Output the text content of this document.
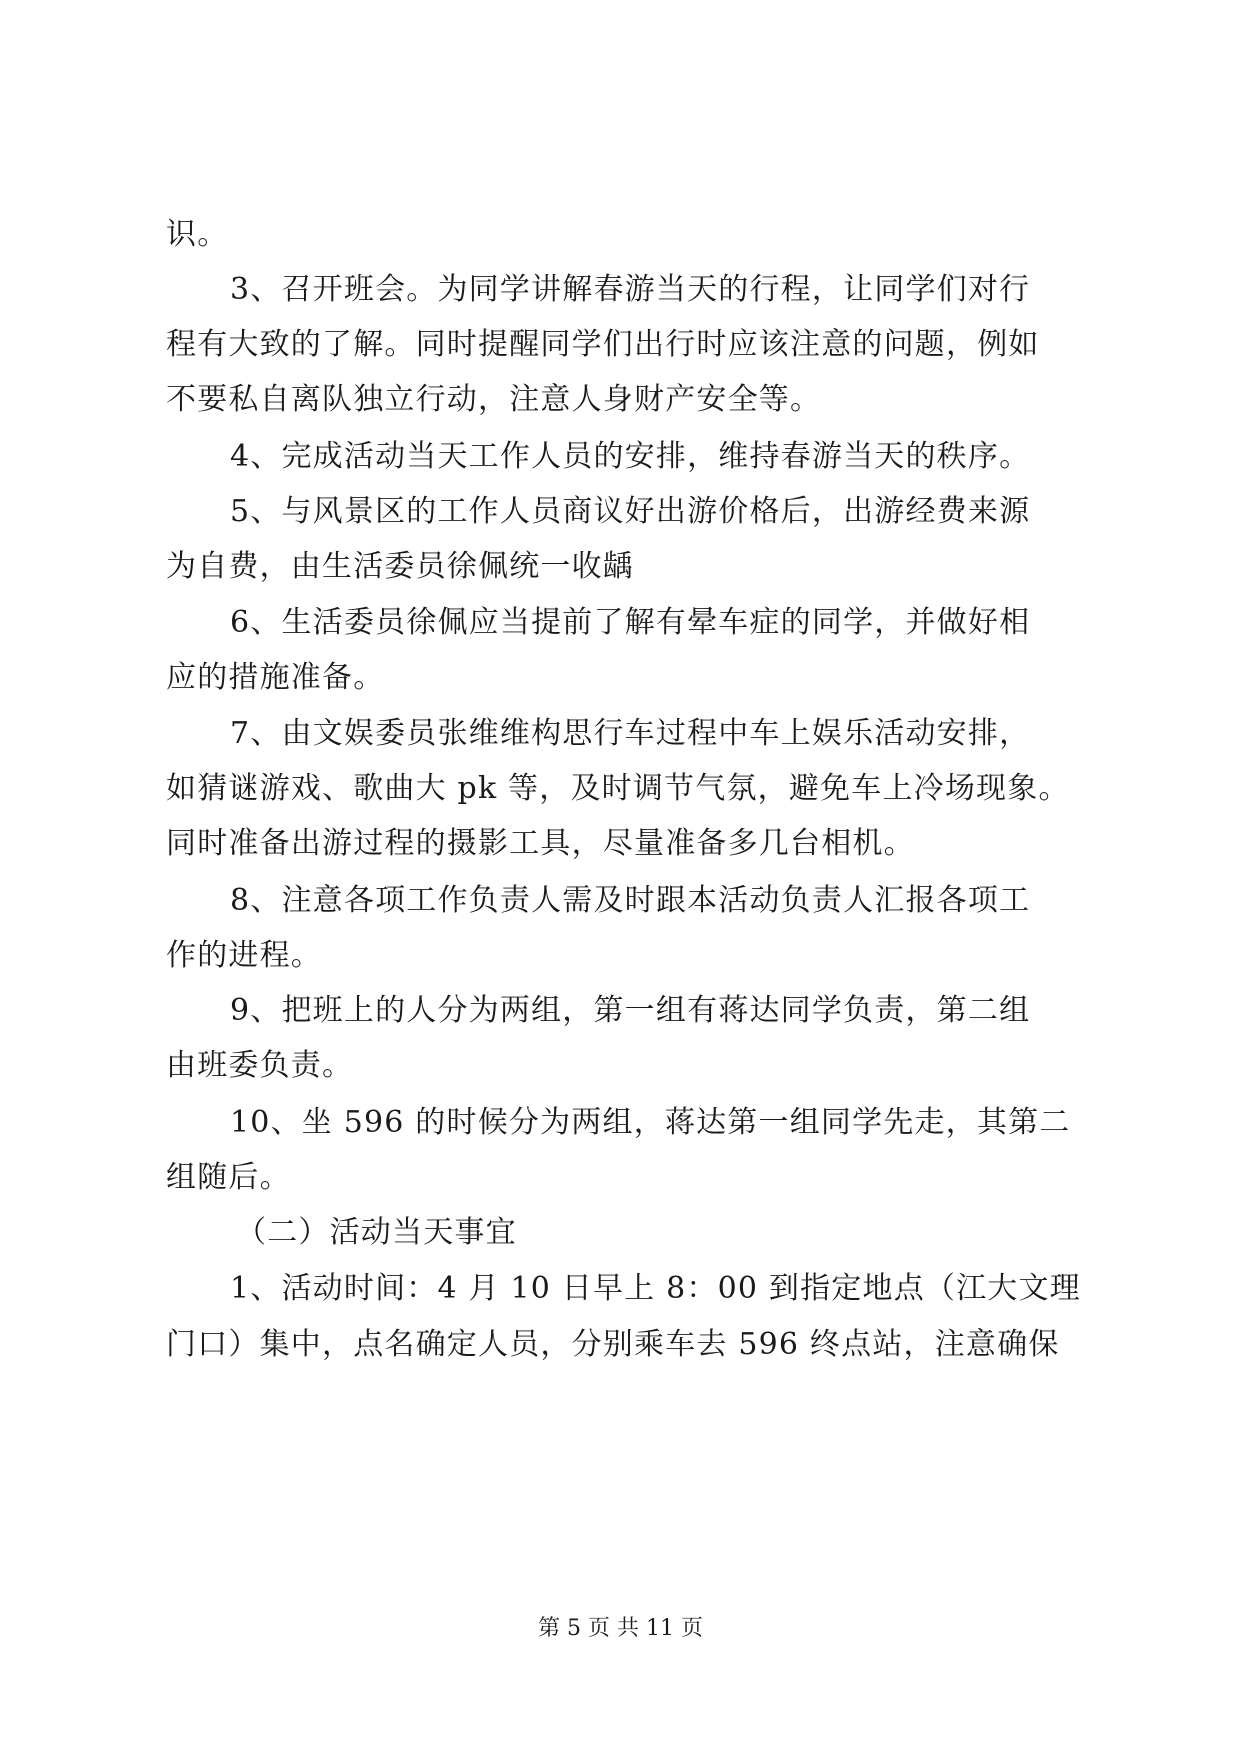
识。
3、召开班会。为同学讲解春游当天的行程，让同学们对行
程有大致的了解。同时提醒同学们出行时应该注意的问题，例如
不要私自离队独立行动，注意人身财产安全等。
4、完成活动当天工作人员的安排，维持春游当天的秩序。
5、与风景区的工作人员商议好出游价格后，出游经费来源
为自费，由生活委员徐佩统一收龋
6、生活委员徐佩应当提前了解有晕车症的同学，并做好相
应的措施准备。
7、由文娱委员张维维构思行车过程中车上娱乐活动安排，
如猜谜游戏、歌曲大 pk 等，及时调节气氛，避免车上冷场现象。
同时准备出游过程的摄影工具，尽量准备多几台相机。
8、注意各项工作负责人需及时跟本活动负责人汇报各项工
作的进程。
9、把班上的人分为两组，第一组有蒋达同学负责，第二组
由班委负责。
10、坐 596 的时候分为两组，蒋达第一组同学先走，其第二
组随后。
（二）活动当天事宜
1、活动时间：4 月 10 日早上 8：00 到指定地点（江大文理
门口）集中，点名确定人员，分别乘车去 596 终点站，注意确保
第 5 页 共 11 页
